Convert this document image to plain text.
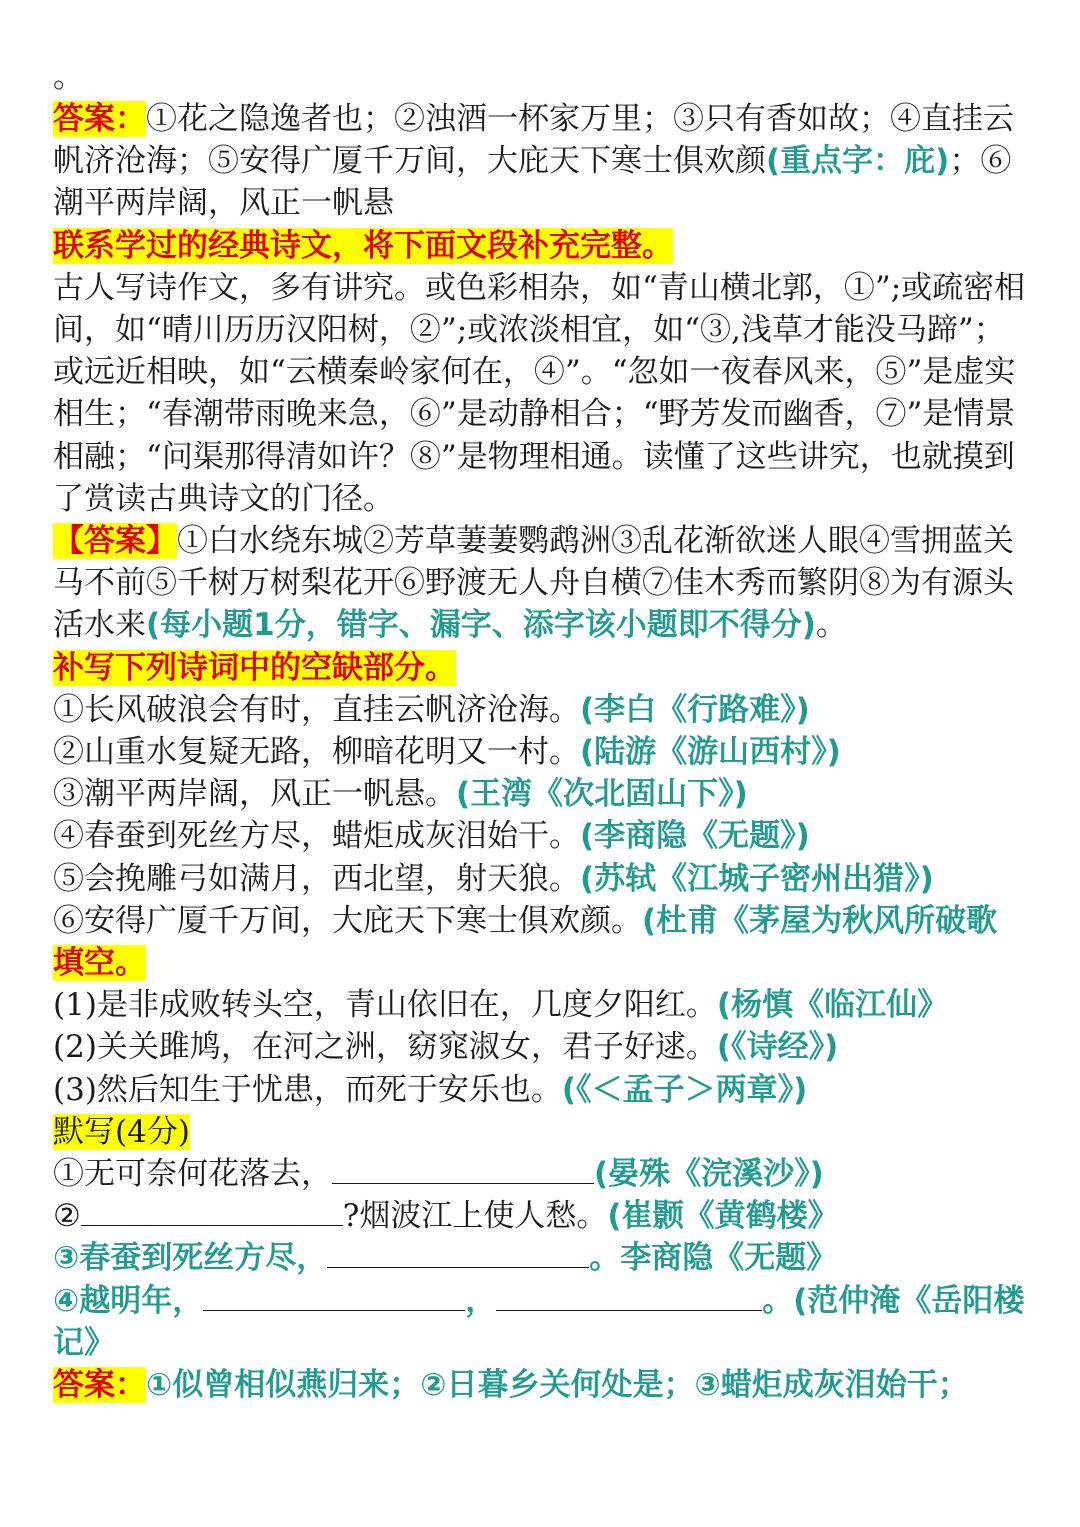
。
答案：①花之隐逸者也；②浊酒一杯家万里；③只有香如故；④直挂云帆济沧海；⑤安得广厦千万间，大庇天下寒士俱欢颜(重点字：庇)；⑥潮平两岸阔，风正一帆悬
联系学过的经典诗文，将下面文段补充完整。
古人写诗作文，多有讲究。或色彩相杂，如“青山横北郭，①”;或疏密相间，如“晴川历历汉阳树，②”;或浓淡相宜，如“③,浅草才能没马蹄”；或远近相映，如“云横秦岭家何在，④”。“忽如一夜春风来，⑤”是虚实相生；“春潮带雨晚来急，⑥”是动静相合；“野芳发而幽香，⑦”是情景相融；“问渠那得清如许？⑧”是物理相通。读懂了这些讲究，也就摸到了赏读古典诗文的门径。
【答案】①白水绕东城②芳草萋萋鹦鹉洲③乱花渐欲迷人眼④雪拥蓝关马不前⑤千树万树梨花开⑥野渡无人舟自横⑦佳木秀而繁阴⑧为有源头活水来(每小题1分，错字、漏字、添字该小题即不得分)。
补写下列诗词中的空缺部分。
①长风破浪会有时，直挂云帆济沧海。(李白《行路难》)
②山重水复疑无路，柳暗花明又一村。(陆游《游山西村》)
③潮平两岸阔，风正一帆悬。(王湾《次北固山下》)
④春蚕到死丝方尽，蜡炬成灰泪始干。(李商隐《无题》)
⑤会挽雕弓如满月，西北望，射天狼。(苏轼《江城子密州出猎》)
⑥安得广厦千万间，大庇天下寒士俱欢颜。(杜甫《茅屋为秋风所破歌
填空。
(1)是非成败转头空，青山依旧在，几度夕阳红。(杨慎《临江仙》
(2)关关雎鸠，在河之洲，窈窕淑女，君子好逑。(《诗经》)
(3)然后知生于忧患，而死于安乐也。(《＜孟子＞两章》)
默写(4分)
①无可奈何花落去，	(晏殊《浣溪沙》)
②	?烟波江上使人愁。(崔颢《黄鹤楼》
③春蚕到死丝方尽，	。李商隐《无题》
④越明年，	，	。(范仲淹《岳阳楼记》
答案：①似曾相似燕归来；②日暮乡关何处是；③蜡炬成灰泪始干；
